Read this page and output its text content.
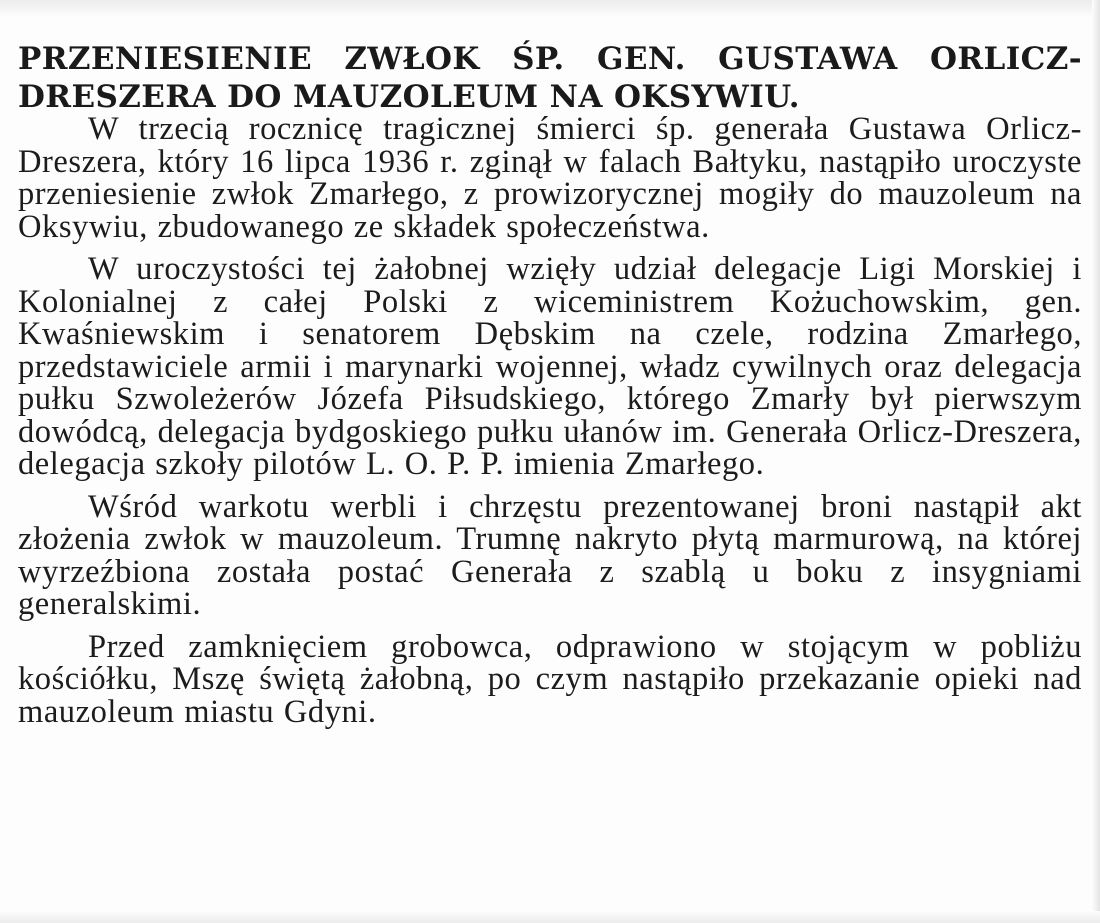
PRZENIESIENIE ZWŁOK ŚP. GEN. GUSTAWA ORLICZ-DRESZERA DO MAUZOLEUM NA OKSYWIU.

W trzecią rocznicę tragicznej śmierci śp. generała Gustawa Orlicz-Dreszera, który 16 lipca 1936 r. zginął w falach Bałtyku, nastąpiło uroczyste przeniesienie zwłok Zmarłego, z prowizorycznej mogiły do mauzoleum na Oksywiu, zbudowanego ze składek społeczeństwa.

W uroczystości tej żałobnej wzięły udział delegacje Ligi Morskiej i Kolonialnej z całej Polski z wiceministrem Kożuchowskim, gen. Kwaśniewskim i senatorem Dębskim na czele, rodzina Zmarłego, przedstawiciele armii i marynarki wojennej, władz cywilnych oraz delegacja pułku Szwoleżerów Józefa Piłsudskiego, którego Zmarły był pierwszym dowódcą, delegacja bydgoskiego pułku ułanów im. Generała Orlicz-Dreszera, delegacja szkoły pilotów L. O. P. P. imienia Zmarłego.

Wśród warkotu werbli i chrzęstu prezentowanej broni nastąpił akt złożenia zwłok w mauzoleum. Trumnę nakryto płytą marmurową, na której wyrzeźbiona została postać Generała z szablą u boku z insygniami generalskimi.

Przed zamknięciem grobowca, odprawiono w stojącym w pobliżu kościółku, Mszę świętą żałobną, po czym nastąpiło przekazanie opieki nad mauzoleum miastu Gdyni.
